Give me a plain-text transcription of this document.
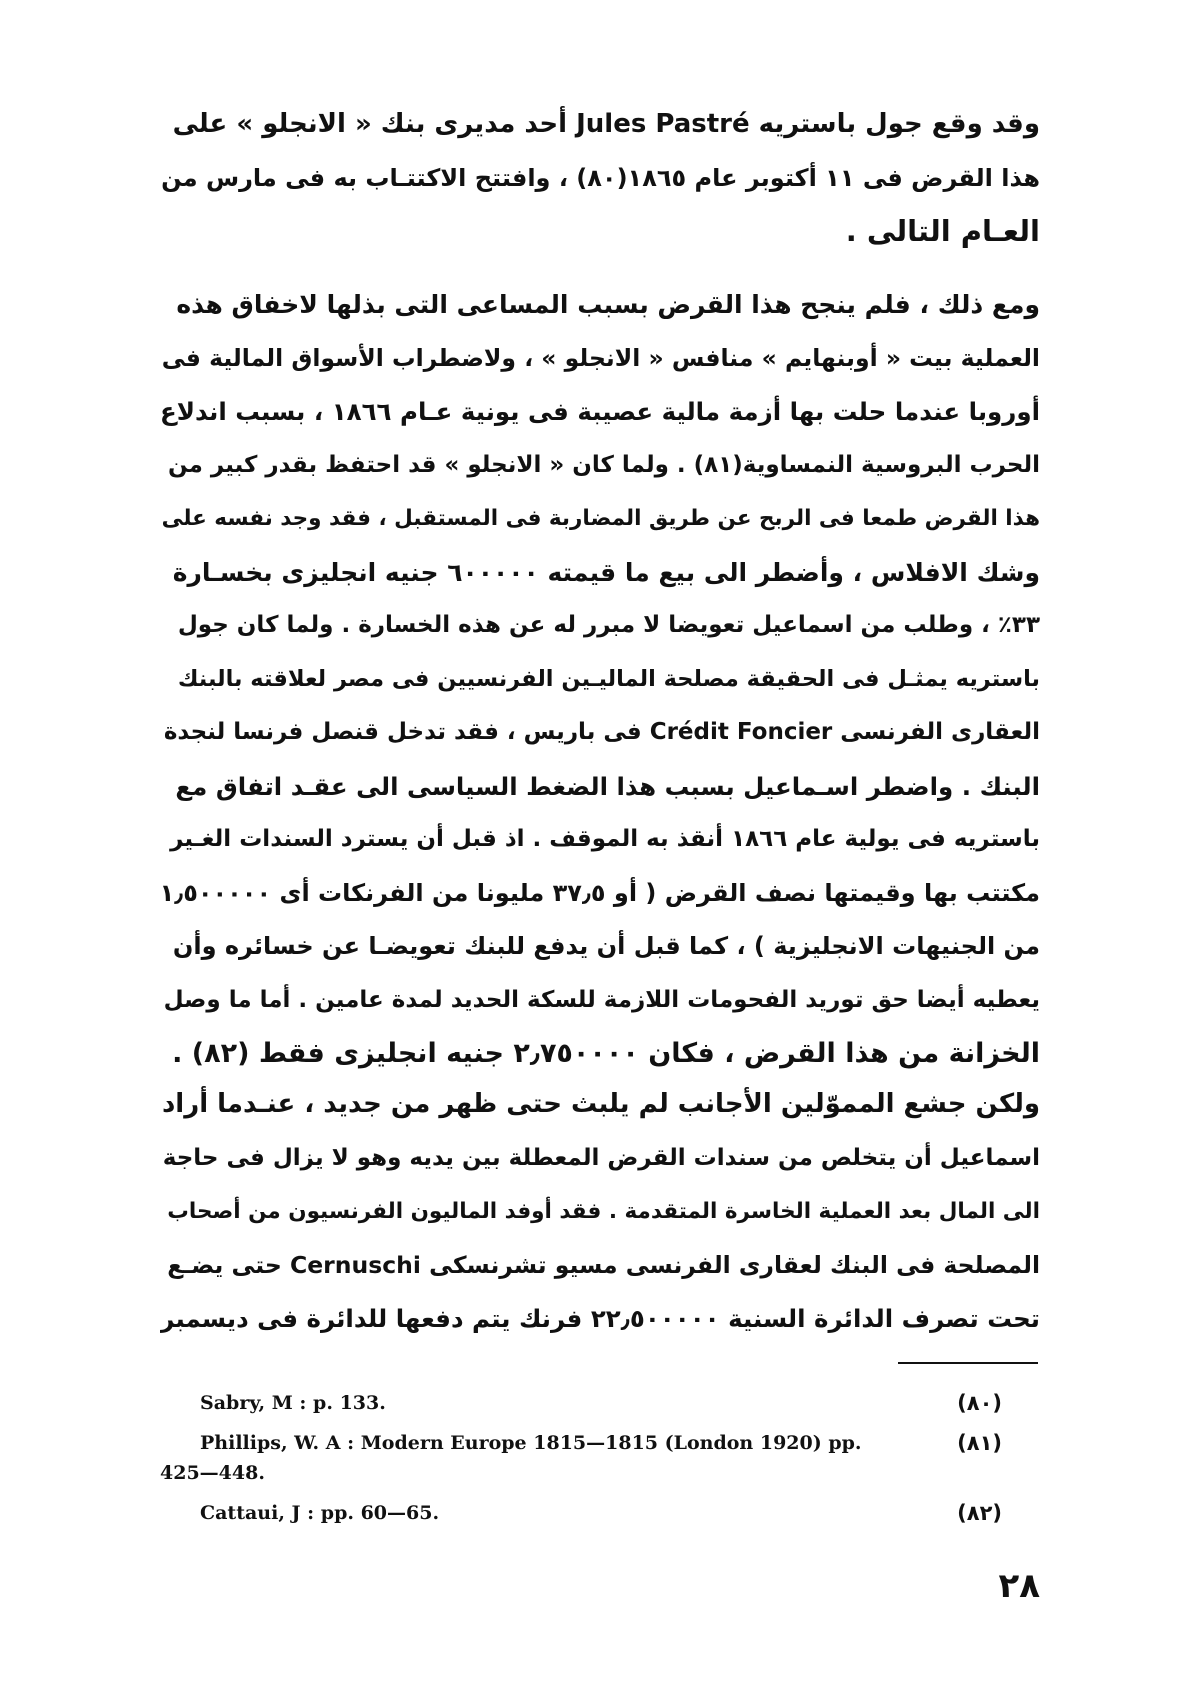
وقد وقع جول باستريه Jules Pastré أحد مديرى بنك « الانجلو » على
هذا القرض فى ١١ أكتوبر عام ١٨٦٥(٨٠) ، وافتتح الاكتتـاب به فى مارس من
العـام التالى .
ومع ذلك ، فلم ينجح هذا القرض بسبب المساعى التى بذلها لاخفاق هذه
العملية بيت « أوبنهايم » منافس « الانجلو » ، ولاضطراب الأسواق المالية فى
أوروبا عندما حلت بها أزمة مالية عصيبة فى يونية عـام ١٨٦٦ ، بسبب اندلاع
الحرب البروسية النمساوية(٨١) . ولما كان « الانجلو » قد احتفظ بقدر كبير من
هذا القرض طمعا فى الربح عن طريق المضاربة فى المستقبل ، فقد وجد نفسه على
وشك الافلاس ، وأضطر الى بيع ما قيمته ٦٠٠٠٠٠ جنيه انجليزى بخسـارة
٣٣٪ ، وطلب من اسماعيل تعويضا لا مبرر له عن هذه الخسارة . ولما كان جول
باستريه يمثـل فى الحقيقة مصلحة الماليـين الفرنسيين فى مصر لعلاقته بالبنك
العقارى الفرنسى Crédit Foncier فى باريس ، فقد تدخل قنصل فرنسا لنجدة
البنك . واضطر اسـماعيل بسبب هذا الضغط السياسى الى عقـد اتفاق مع
باستريه فى يولية عام ١٨٦٦ أنقذ به الموقف . اذ قبل أن يسترد السندات الغـير
مكتتب بها وقيمتها نصف القرض ( أو ٣٧٫٥ مليونا من الفرنكات أى ١٫٥٠٠٠٠٠
من الجنيهات الانجليزية ) ، كما قبل أن يدفع للبنك تعويضـا عن خسائره وأن
يعطيه أيضا حق توريد الفحومات اللازمة للسكة الحديد لمدة عامين . أما ما وصل
الخزانة من هذا القرض ، فكان ٢٫٧٥٠٠٠٠ جنيه انجليزى فقط (٨٢) .
ولكن جشع المموّلين الأجانب لم يلبث حتى ظهر من جديد ، عنـدما أراد
اسماعيل أن يتخلص من سندات القرض المعطلة بين يديه وهو لا يزال فى حاجة
الى المال بعد العملية الخاسرة المتقدمة . فقد أوفد الماليون الفرنسيون من أصحاب
المصلحة فى البنك لعقارى الفرنسى مسيو تشرنسكى Cernuschi حتى يضـع
تحت تصرف الدائرة السنية ٢٢٫٥٠٠٠٠٠ فرنك يتم دفعها للدائرة فى ديسمبر
Sabry, M : p. 133.	(٨٠)
Phillips, W. A : Modern Europe 1815—1815 (London 1920) pp.	(٨١)
425—448.
Cattaui, J : pp. 60—65.	(٨٢)
٢٨
